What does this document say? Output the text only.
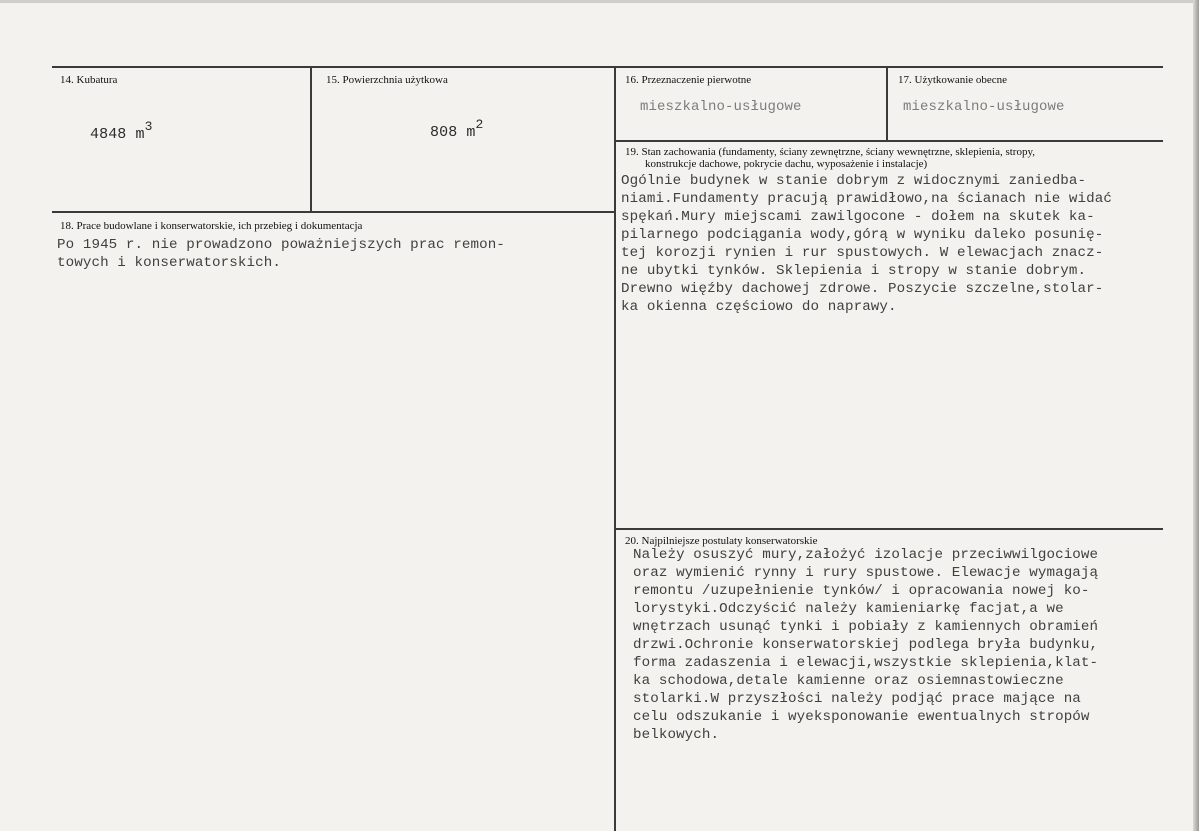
14. Kubatura
4848 $m^3$
15. Powierzchnia użytkowa
808 $m^2$
16. Przeznaczenie pierwotne
mieszkalno-usługowe
17. Użytkowanie obecne
mieszkalno-usługowe
19. Stan zachowania (fundamenty, ściany zewnętrzne, ściany wewnętrzne, sklepienia, stropy,
konstrukcje dachowe, pokrycie dachu, wyposażenie i instalacje)
Ogólnie budynek w stanie dobrym z widocznymi zaniedba-
niami.Fundamenty pracują prawidłowo,na ścianach nie widać
spękań.Mury miejscami zawilgocone - dołem na skutek ka-
pilarnego podciągania wody,górą w wyniku daleko posunię-
tej korozji rynien i rur spustowych. W elewacjach znacz-
ne ubytki tynków. Sklepienia i stropy w stanie dobrym.
Drewno więźby dachowej zdrowe. Poszycie szczelne,stolar-
ka okienna częściowo do naprawy.
18. Prace budowlane i konserwatorskie, ich przebieg i dokumentacja
Po 1945 r. nie prowadzono poważniejszych prac remon-
towych i konserwatorskich.
20. Najpilniejsze postulaty konserwatorskie
Należy osuszyć mury,założyć izolacje przeciwwilgociowe
oraz wymienić rynny i rury spustowe. Elewacje wymagają
remontu /uzupełnienie tynków/ i opracowania nowej ko-
lorystyki.Odczyścić należy kamieniarkę facjat,a we
wnętrzach usunąć tynki i pobiały z kamiennych obramień
drzwi.Ochronie konserwatorskiej podlega bryła budynku,
forma zadaszenia i elewacji,wszystkie sklepienia,klat-
ka schodowa,detale kamienne oraz osiemnastowieczne
stolarki.W przyszłości należy podjąć prace mające na
celu odszukanie i wyeksponowanie ewentualnych stropów
belkowych.
